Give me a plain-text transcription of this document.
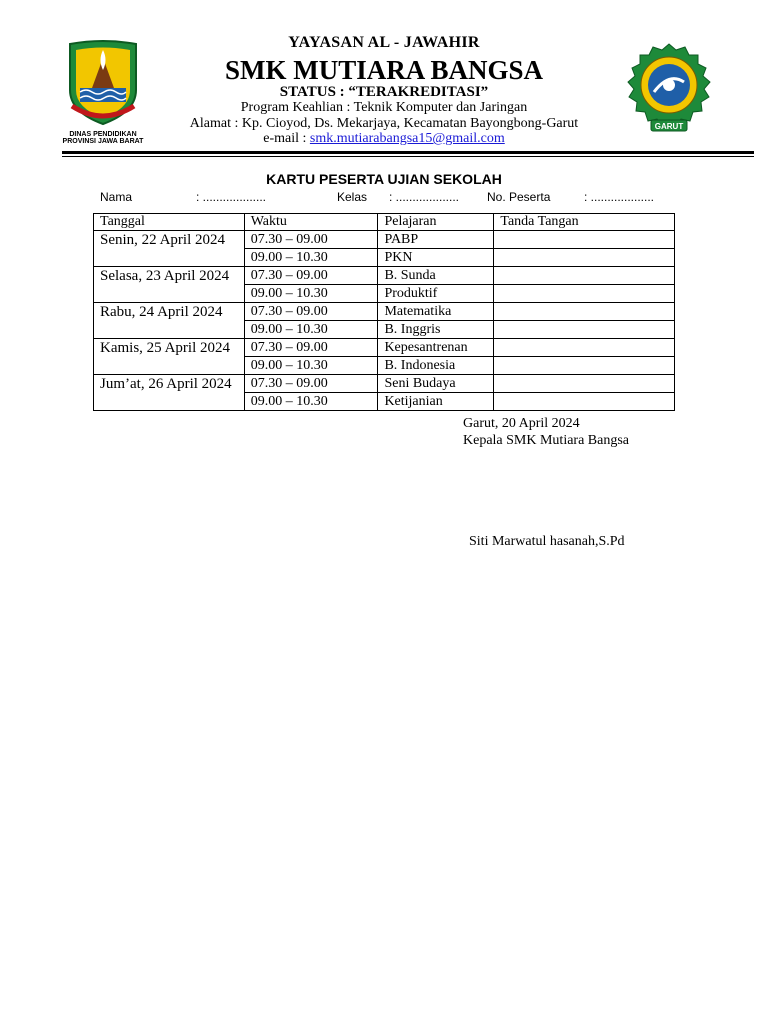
DINAS PENDIDIKAN
PROVINSI JAWA BARAT
GARUT
YAYASAN AL - JAWAHIR
SMK MUTIARA BANGSA
STATUS : “TERAKREDITASI”
Program Keahlian : Teknik Komputer dan Jaringan
Alamat : Kp. Cioyod, Ds. Mekarjaya, Kecamatan Bayongbong-Garut
e-mail : smk.mutiarabangsa15@gmail.com
KARTU PESERTA UJIAN SEKOLAH
Nama	: ...................	Kelas : ................... No. Peserta	: ...................
Tanggal	Waktu	Pelajaran	Tanda Tangan
Senin, 22 April 2024	07.30 – 09.00	PABP	
	09.00 – 10.30	PKN	
Selasa, 23 April 2024	07.30 – 09.00	B. Sunda	
	09.00 – 10.30	Produktif	
Rabu, 24 April 2024	07.30 – 09.00	Matematika	
	09.00 – 10.30	B. Inggris	
Kamis, 25 April 2024	07.30 – 09.00	Kepesantrenan	
	09.00 – 10.30	B. Indonesia	
Jum’at, 26 April 2024	07.30 – 09.00	Seni Budaya	
	09.00 – 10.30	Ketijanian	
Garut, 20 April 2024
Kepala SMK Mutiara Bangsa
Siti Marwatul hasanah,S.Pd
